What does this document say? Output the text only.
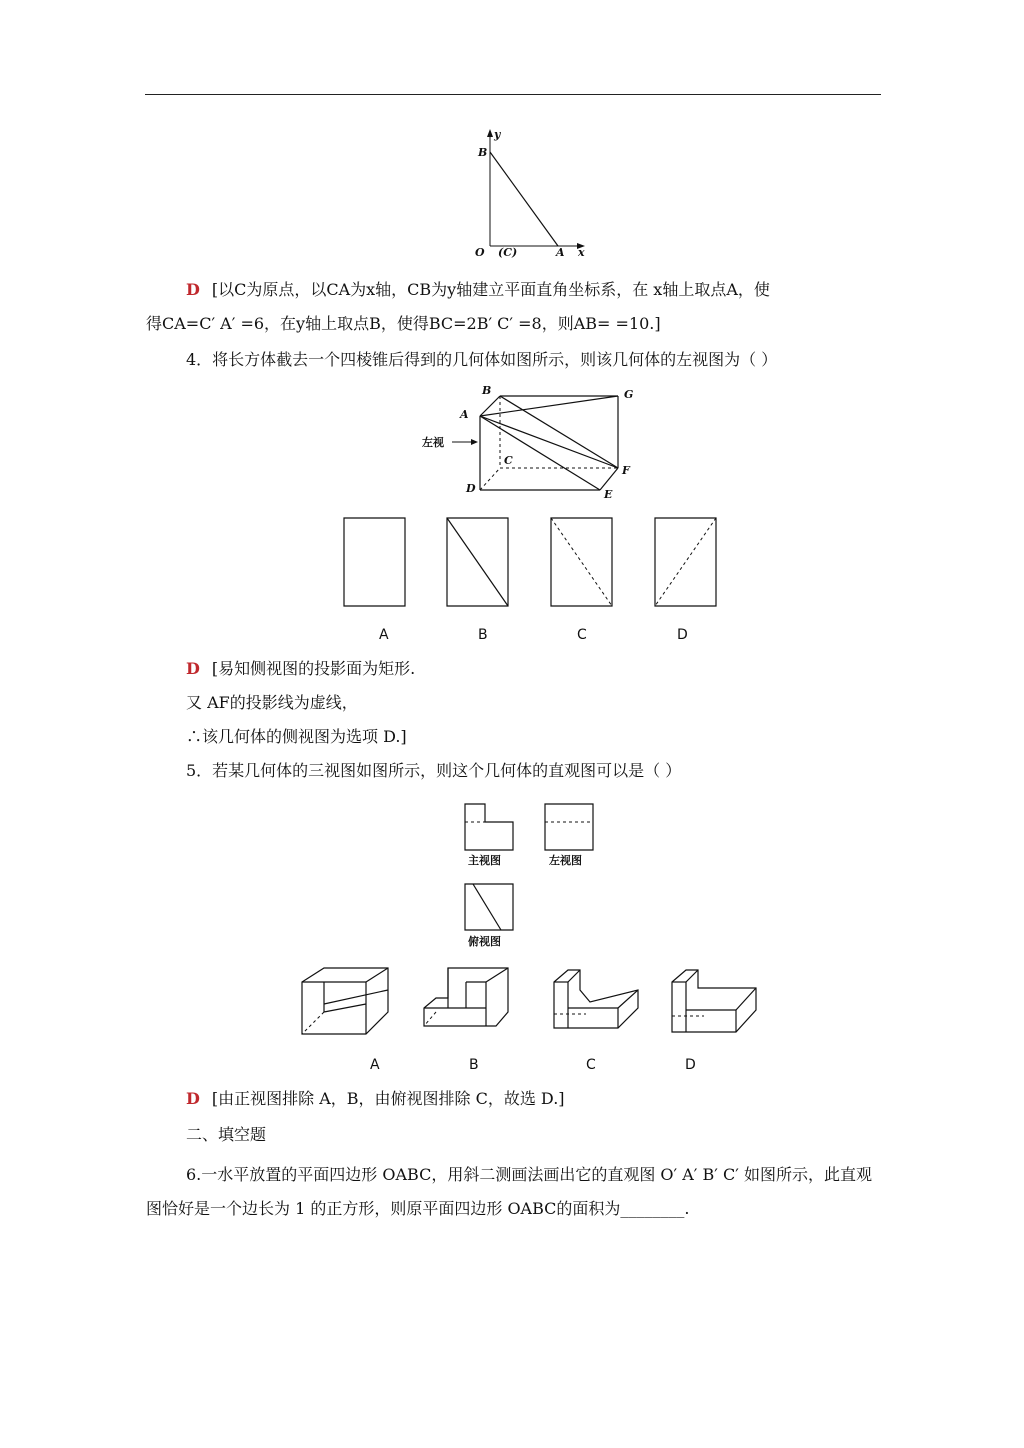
y
B
O (C)	A x
D [以C为原点，以CA为x轴，CB为y轴建立平面直角坐标系，在 x轴上取点A，使
得CA=C′ A′ =6，在y轴上取点B，使得BC=2B′ C′ =8，则AB= =10.]
4．将长方体截去一个四棱锥后得到的几何体如图所示，则该几何体的左视图为（ ）
B	G
A
左视
C
F
D	E
A	B	C	D
D [易知侧视图的投影面为矩形.
又 AF的投影线为虚线，
∴该几何体的侧视图为选项 D.]
5．若某几何体的三视图如图所示，则这个几何体的直观图可以是（ ）
主视图	左视图
俯视图
A	B	C	D
D [由正视图排除 A，B，由俯视图排除 C，故选 D.]
二、填空题
6.一水平放置的平面四边形 OABC，用斜二测画法画出它的直观图 O′ A′ B′ C′ 如图所示，此直观图恰好是一个边长为 1 的正方形，则原平面四边形 OABC的面积为________.
